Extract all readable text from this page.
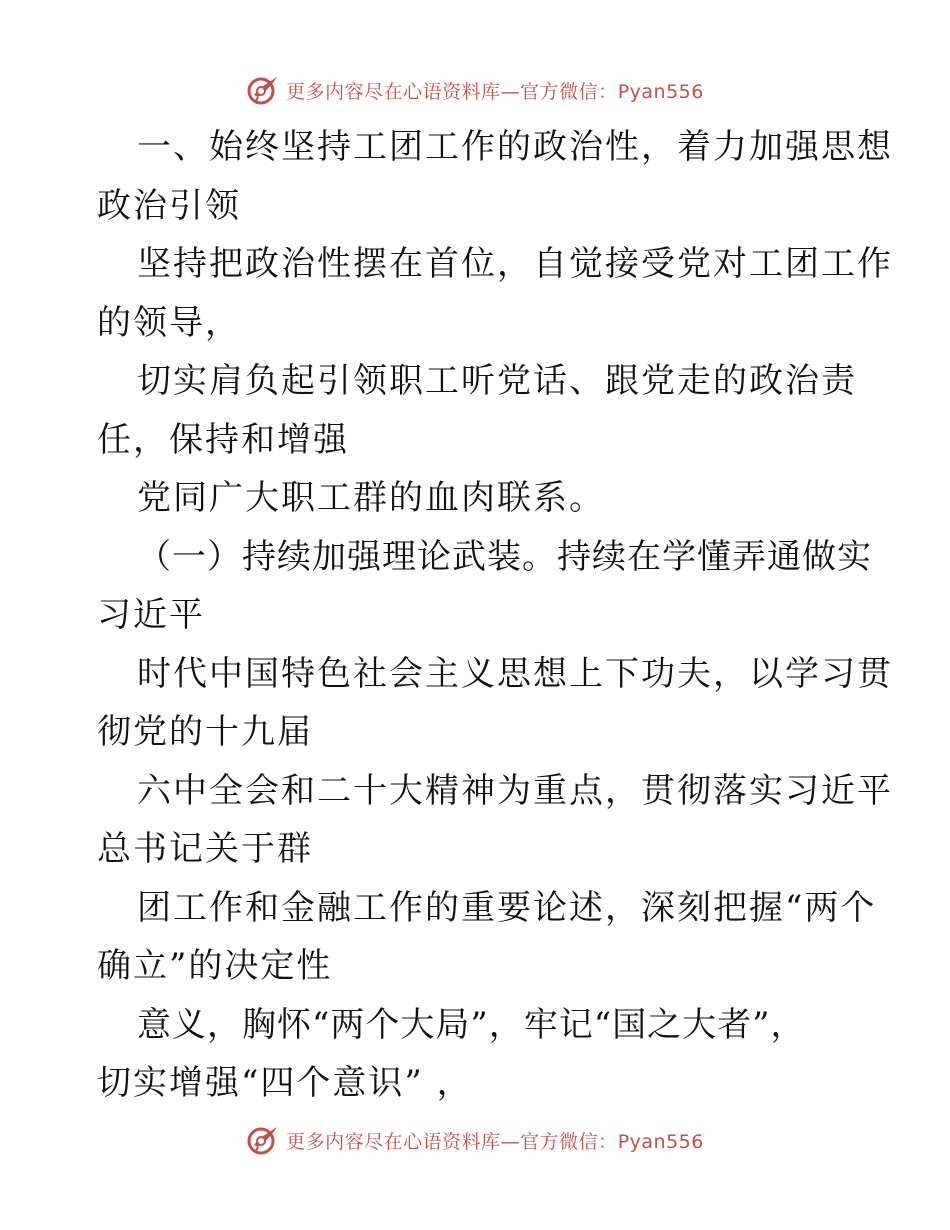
更多内容尽在心语资料库—官方微信：Pyan556
一、始终坚持工团工作的政治性，着力加强思想
政治引领
坚持把政治性摆在首位，自觉接受党对工团工作
的领导，
切实肩负起引领职工听党话、跟党走的政治责
任，保持和增强
党同广大职工群的血肉联系。
（一）持续加强理论武装。持续在学懂弄通做实
习近平
时代中国特色社会主义思想上下功夫，以学习贯
彻党的十九届
六中全会和二十大精神为重点，贯彻落实习近平
总书记关于群
团工作和金融工作的重要论述，深刻把握“两个
确立”的决定性
意义，胸怀“两个大局”，牢记“国之大者”，
切实增强“四个意识” ，
更多内容尽在心语资料库—官方微信：Pyan556
